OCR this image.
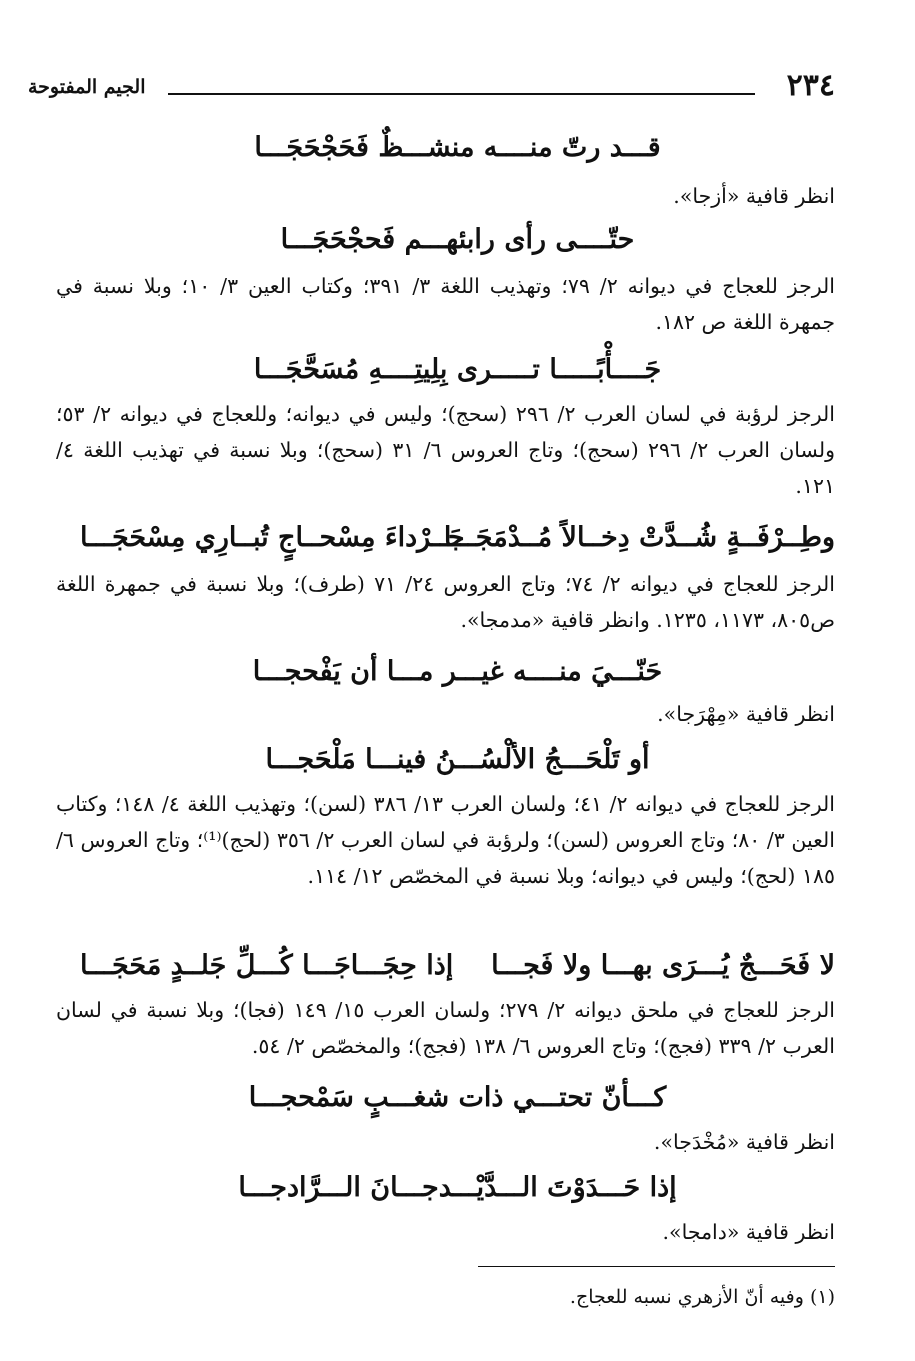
٢٣٤
الجيم المفتوحة
قـــد رتّ منــــه منشـــظٌ فَحَجْحَجَـــا
انظر قافية «أزجا».
حتّــــى رأى رابئهـــم فَحجْحَجَـــا
الرجز للعجاج في ديوانه ٢/ ٧٩؛ وتهذيب اللغة ٣/ ٣٩١؛ وكتاب العين ٣/ ١٠؛ وبلا نسبة في جمهرة اللغة ص ١٨٢.
جَــــأْبًـــــا تـــــرى بِلِيتِــــهِ مُسَحَّجَـــا
الرجز لرؤبة في لسان العرب ٢/ ٢٩٦ (سحج)؛ وليس في ديوانه؛ وللعجاج في ديوانه ٢/ ٥٣؛ ولسان العرب ٢/ ٢٩٦ (سحج)؛ وتاج العروس ٦/ ٣١ (سحج)؛ وبلا نسبة في تهذيب اللغة ٤/ ١٢١.
وطِــرْفَــةٍ شُــدَّتْ دِخــالاً مُــدْمَجَـــا
جَــرْداءَ مِسْحــاجٍ تُبــارِي مِسْحَجَـــا
الرجز للعجاج في ديوانه ٢/ ٧٤؛ وتاج العروس ٢٤/ ٧١ (طرف)؛ وبلا نسبة في جمهرة اللغة ص٨٠٥، ١١٧٣، ١٢٣٥. وانظر قافية «مدمجا».
حَنّـــيَ منــــه غيـــر مـــا أن يَفْحجـــا
انظر قافية «مِهْرَجا».
أو تَلْحَـــجُ الألْسُـــنُ فينـــا مَلْحَجـــا
الرجز للعجاج في ديوانه ٢/ ٤١؛ ولسان العرب ١٣/ ٣٨٦ (لسن)؛ وتهذيب اللغة ٤/ ١٤٨؛ وكتاب العين ٣/ ٨٠؛ وتاج العروس (لسن)؛ ولرؤبة في لسان العرب ٢/ ٣٥٦ (لحج)⁽¹⁾؛ وتاج العروس ٦/ ١٨٥ (لحج)؛ وليس في ديوانه؛ وبلا نسبة في المخصّص ١٢/ ١١٤.
لا فَحَـــجٌ يُـــرَى بهـــا ولا فَجـــا
إذا حِجَـــاجَـــا كُـــلِّ جَلــدٍ مَحَجَـــا
الرجز للعجاج في ملحق ديوانه ٢/ ٢٧٩؛ ولسان العرب ١٥/ ١٤٩ (فجا)؛ وبلا نسبة في لسان العرب ٢/ ٣٣٩ (فجج)؛ وتاج العروس ٦/ ١٣٨ (فجج)؛ والمخصّص ٢/ ٥٤.
كـــأنّ تحتـــي ذات شغـــبٍ سَمْحجـــا
انظر قافية «مُخْدَجا».
إذا حَـــدَوْتَ الـــدَّيْـــدجـــانَ الـــرَّادجـــا
انظر قافية «دامجا».
(١) وفيه أنّ الأزهري نسبه للعجاج.
